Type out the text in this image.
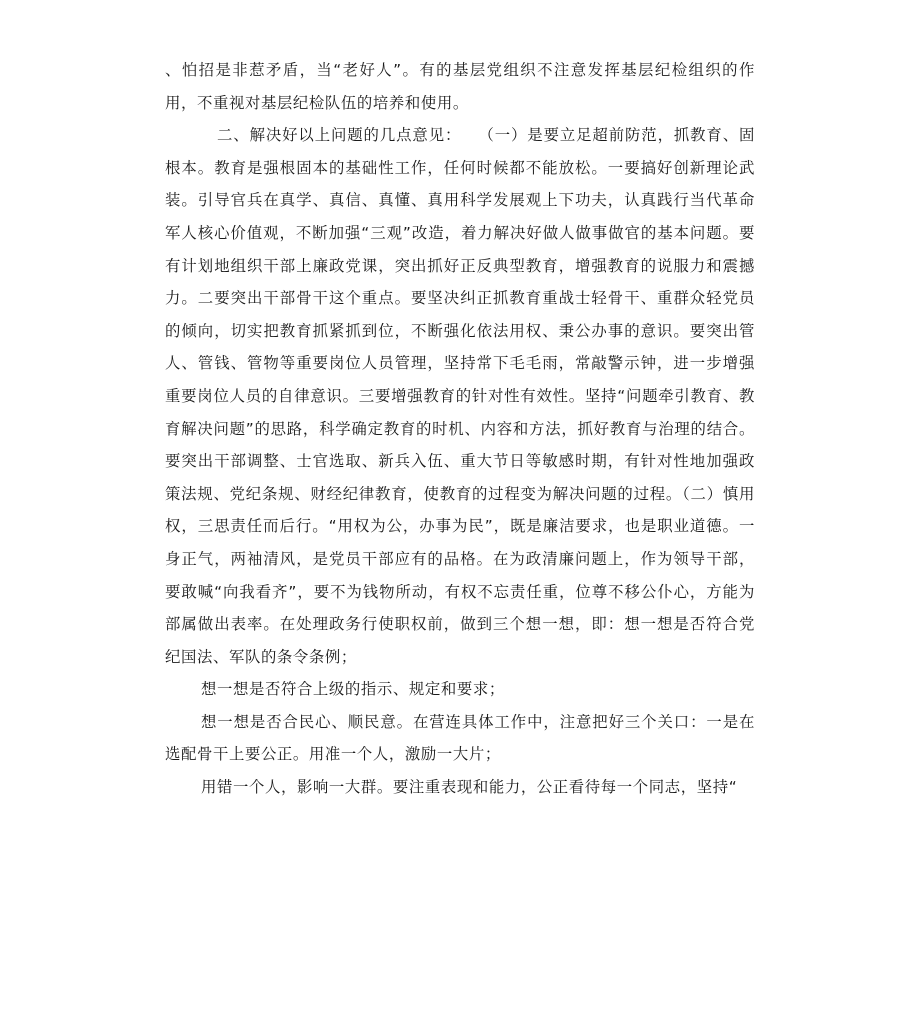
、怕招是非惹矛盾，当“老好人”。有的基层党组织不注意发挥基层纪检组织的作用，不重视对基层纪检队伍的培养和使用。

二、解决好以上问题的几点意见：　　（一）是要立足超前防范，抓教育、固根本。教育是强根固本的基础性工作，任何时候都不能放松。一要搞好创新理论武装。引导官兵在真学、真信、真懂、真用科学发展观上下功夫，认真践行当代革命军人核心价值观，不断加强“三观”改造，着力解决好做人做事做官的基本问题。要有计划地组织干部上廉政党课，突出抓好正反典型教育，增强教育的说服力和震撼力。二要突出干部骨干这个重点。要坚决纠正抓教育重战士轻骨干、重群众轻党员的倾向，切实把教育抓紧抓到位，不断强化依法用权、秉公办事的意识。要突出管人、管钱、管物等重要岗位人员管理，坚持常下毛毛雨，常敲警示钟，进一步增强重要岗位人员的自律意识。三要增强教育的针对性有效性。坚持“问题牵引教育、教育解决问题”的思路，科学确定教育的时机、内容和方法，抓好教育与治理的结合。要突出干部调整、士官选取、新兵入伍、重大节日等敏感时期，有针对性地加强政策法规、党纪条规、财经纪律教育，使教育的过程变为解决问题的过程。（二）慎用权，三思责任而后行。“用权为公，办事为民”，既是廉洁要求，也是职业道德。一身正气，两袖清风，是党员干部应有的品格。在为政清廉问题上，作为领导干部，要敢喊“向我看齐”，要不为钱物所动，有权不忘责任重，位尊不移公仆心，方能为部属做出表率。在处理政务行使职权前，做到三个想一想，即：想一想是否符合党纪国法、军队的条令条例；

想一想是否符合上级的指示、规定和要求；

想一想是否合民心、顺民意。在营连具体工作中，注意把好三个关口：一是在选配骨干上要公正。用准一个人，激励一大片；

用错一个人，影响一大群。要注重表现和能力，公正看待每一个同志，坚持“
